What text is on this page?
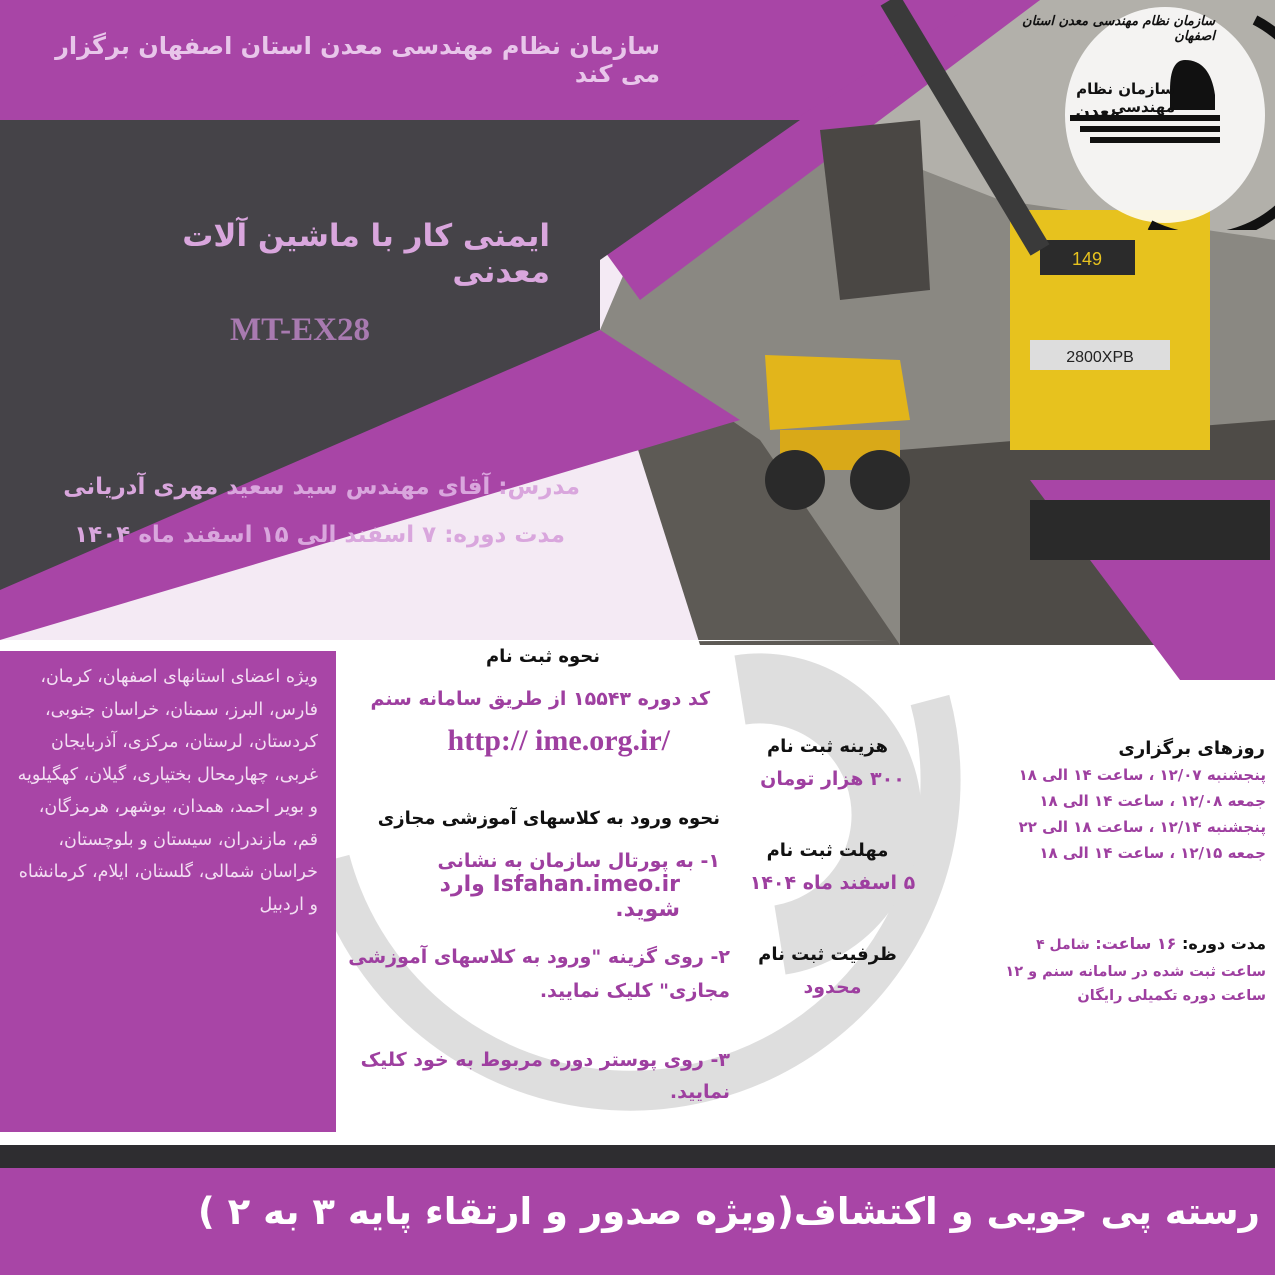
149
2800XPB
سازمان نظام مهندسی معدن استان اصفهان
سازمان نظام مهندسی
معدن
سازمان نظام مهندسی معدن استان اصفهان برگزار می کند
ایمنی کار با ماشین آلات معدنی
MT-EX28
مدرس: آقای مهندس سید سعید مهری آدریانی
مدت دوره: ۷ اسفند الی ۱۵ اسفند ماه ۱۴۰۴
ویژه اعضای استانهای اصفهان، کرمان، فارس، البرز، سمنان، خراسان جنوبی، کردستان، لرستان، مرکزی، آذربایجان غربی، چهارمحال بختیاری، گیلان، کهگیلویه و بویر احمد، همدان، بوشهر، هرمزگان، قم، مازندران، سیستان و بلوچستان، خراسان شمالی، گلستان، ایلام، کرمانشاه و اردبیل
نحوه ثبت نام
کد دوره ۱۵۵۴۳ از طریق سامانه سنم
http:// ime.org.ir/
نحوه ورود به کلاسهای آموزشی مجازی
۱- به پورتال سازمان به نشانی
Isfahan.imeo.ir وارد شوید.
۲- روی گزینه "ورود به کلاسهای آموزشی مجازی" کلیک نمایید.
۳- روی پوستر دوره مربوط به خود کلیک نمایید.
هزینه ثبت نام
۳۰۰ هزار تومان
مهلت ثبت نام
۵ اسفند ماه ۱۴۰۴
ظرفیت ثبت نام
محدود
روزهای برگزاری
پنجشنبه ۱۲/۰۷ ، ساعت ۱۴ الی ۱۸
جمعه ۱۲/۰۸ ، ساعت ۱۴ الی ۱۸
پنجشنبه ۱۲/۱۴ ، ساعت ۱۸ الی ۲۲
جمعه ۱۲/۱۵ ، ساعت ۱۴ الی ۱۸
مدت دوره: ۱۶ ساعت: شامل ۴
ساعت ثبت شده در سامانه سنم و ۱۲ ساعت دوره تکمیلی رایگان
رسته پی جویی و اکتشاف(ویژه صدور و ارتقاء پایه ۳ به ۲ )
